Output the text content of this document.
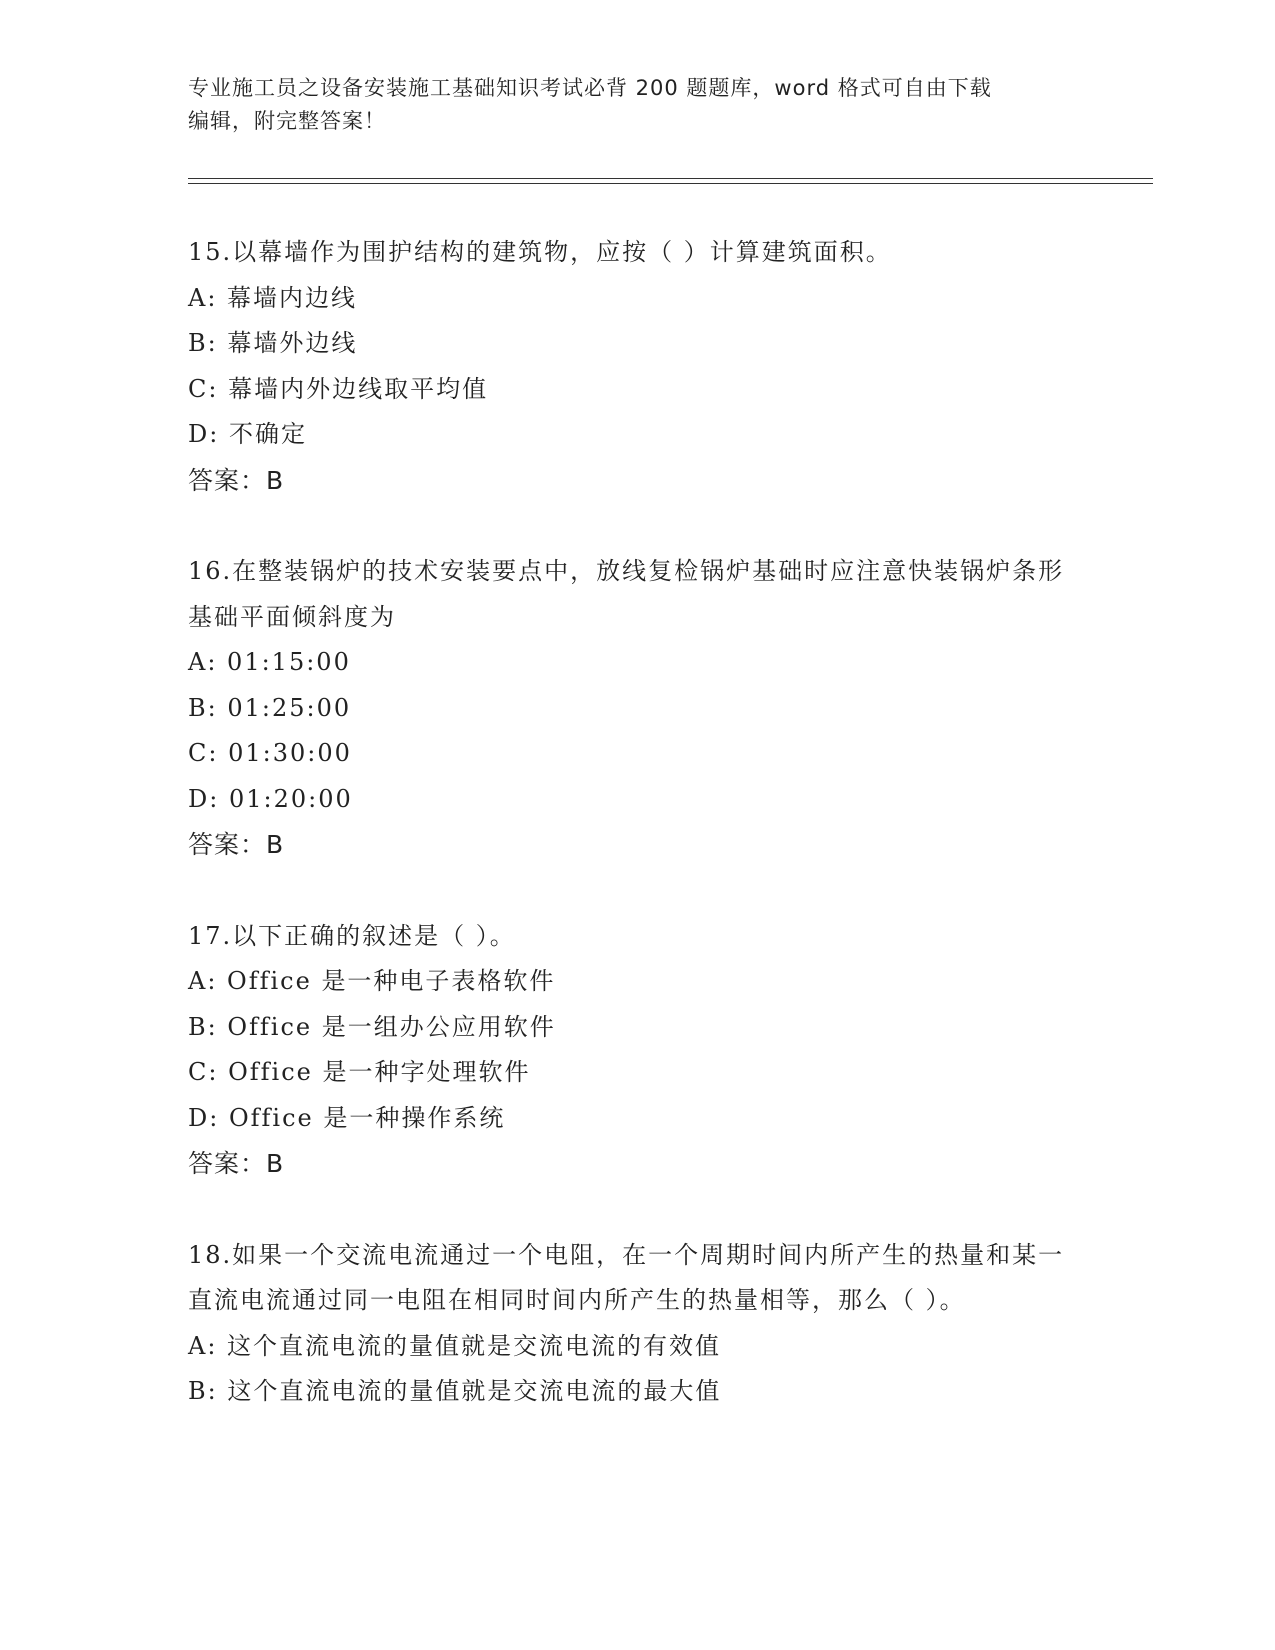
专业施工员之设备安装施工基础知识考试必背 200 题题库，word 格式可自由下载
编辑，附完整答案！

15.以幕墙作为围护结构的建筑物，应按（ ）计算建筑面积。

A: 幕墙内边线

B: 幕墙外边线

C: 幕墙内外边线取平均值

D: 不确定

答案：B

16.在整装锅炉的技术安装要点中，放线复检锅炉基础时应注意快装锅炉条形基础平面倾斜度为

A: 01:15:00

B: 01:25:00

C: 01:30:00

D: 01:20:00

答案：B

17.以下正确的叙述是（ ）。

A: Office 是一种电子表格软件

B: Office 是一组办公应用软件

C: Office 是一种字处理软件

D: Office 是一种操作系统

答案：B

18.如果一个交流电流通过一个电阻，在一个周期时间内所产生的热量和某一直流电流通过同一电阻在相同时间内所产生的热量相等，那么（ ）。

A: 这个直流电流的量值就是交流电流的有效值

B: 这个直流电流的量值就是交流电流的最大值
